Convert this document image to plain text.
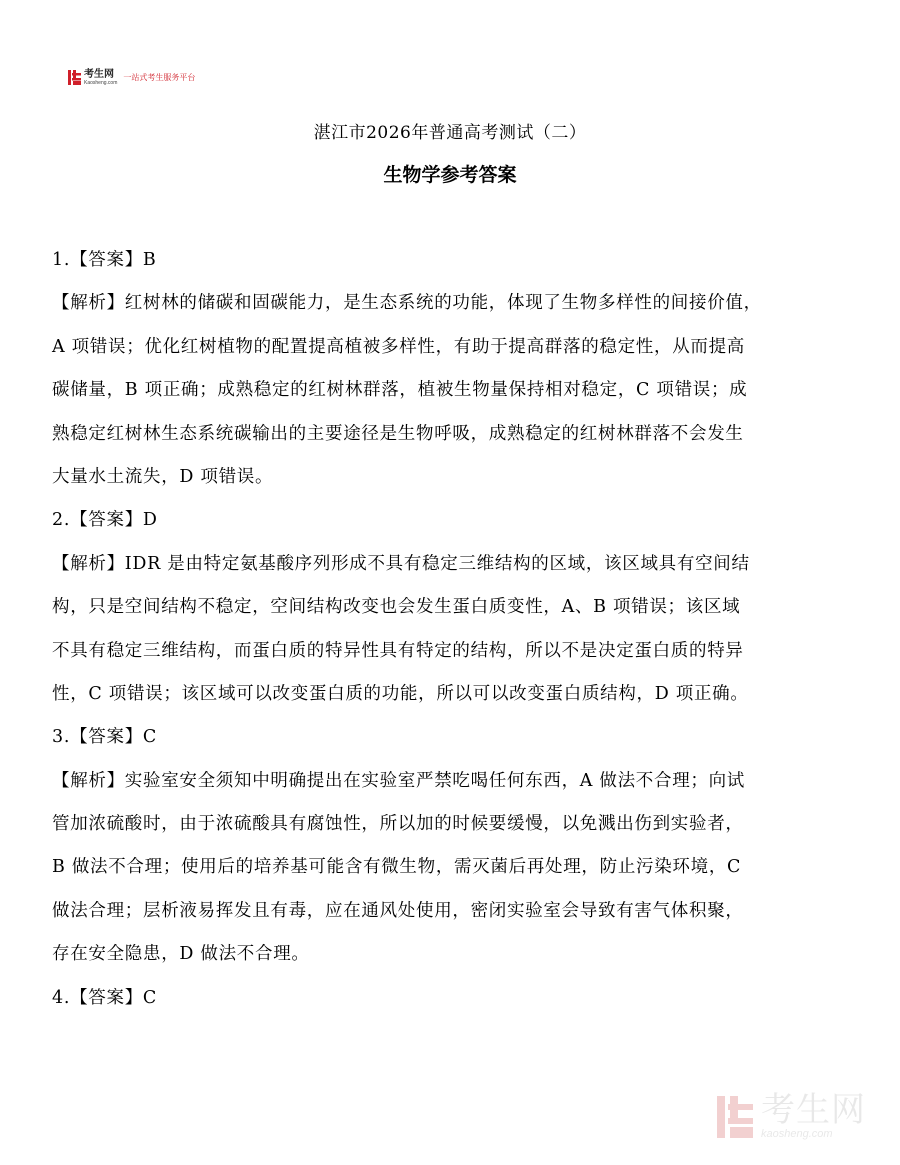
考生网
Kaosheng.com
一站式考生服务平台
湛江市2026年普通高考测试（二）
生物学参考答案
1.【答案】B
【解析】红树林的储碳和固碳能力，是生态系统的功能，体现了生物多样性的间接价值，
A 项错误；优化红树植物的配置提高植被多样性，有助于提高群落的稳定性，从而提高
碳储量，B 项正确；成熟稳定的红树林群落，植被生物量保持相对稳定，C 项错误；成
熟稳定红树林生态系统碳输出的主要途径是生物呼吸，成熟稳定的红树林群落不会发生
大量水土流失，D 项错误。
2.【答案】D
【解析】IDR 是由特定氨基酸序列形成不具有稳定三维结构的区域，该区域具有空间结
构，只是空间结构不稳定，空间结构改变也会发生蛋白质变性，A、B 项错误；该区域
不具有稳定三维结构，而蛋白质的特异性具有特定的结构，所以不是决定蛋白质的特异
性，C 项错误；该区域可以改变蛋白质的功能，所以可以改变蛋白质结构，D 项正确。
3.【答案】C
【解析】实验室安全须知中明确提出在实验室严禁吃喝任何东西，A 做法不合理；向试
管加浓硫酸时，由于浓硫酸具有腐蚀性，所以加的时候要缓慢，以免溅出伤到实验者，
B 做法不合理；使用后的培养基可能含有微生物，需灭菌后再处理，防止污染环境，C
做法合理；层析液易挥发且有毒，应在通风处使用，密闭实验室会导致有害气体积聚，
存在安全隐患，D 做法不合理。
4.【答案】C
考生网
kaosheng.com
